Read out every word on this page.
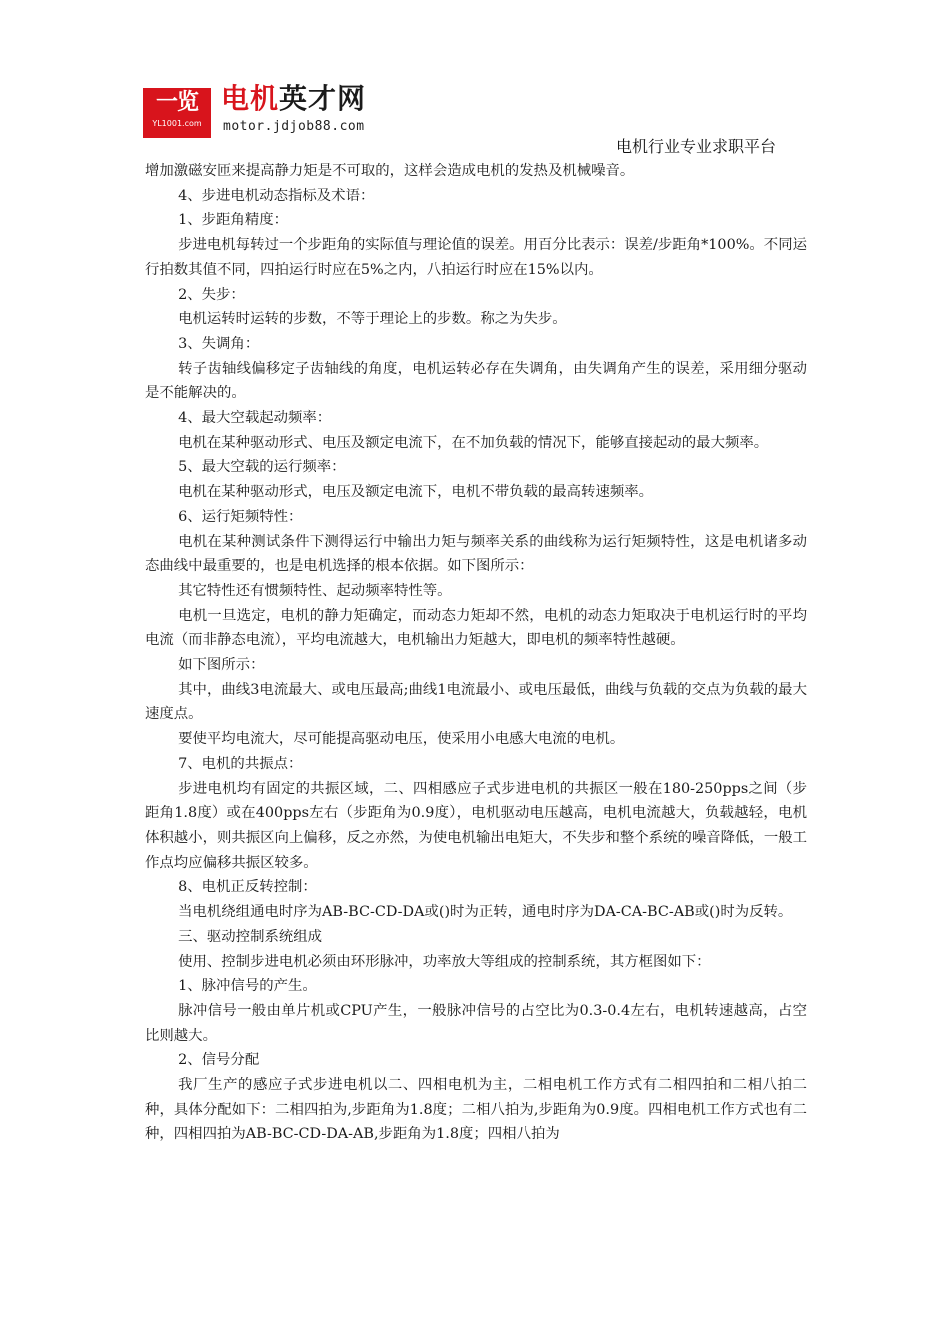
一览
YL1001.com
电机英才网
motor.jdjob88.com
电机行业专业求职平台

增加激磁安匝来提高静力矩是不可取的，这样会造成电机的发热及机械噪音。

4、步进电机动态指标及术语：

1、步距角精度：

步进电机每转过一个步距角的实际值与理论值的误差。用百分比表示：误差/步距角*100%。不同运行拍数其值不同，四拍运行时应在5%之内，八拍运行时应在15%以内。

2、失步：

电机运转时运转的步数，不等于理论上的步数。称之为失步。

3、失调角：

转子齿轴线偏移定子齿轴线的角度，电机运转必存在失调角，由失调角产生的误差，采用细分驱动是不能解决的。

4、最大空载起动频率：

电机在某种驱动形式、电压及额定电流下，在不加负载的情况下，能够直接起动的最大频率。

5、最大空载的运行频率：

电机在某种驱动形式，电压及额定电流下，电机不带负载的最高转速频率。

6、运行矩频特性：

电机在某种测试条件下测得运行中输出力矩与频率关系的曲线称为运行矩频特性，这是电机诸多动态曲线中最重要的，也是电机选择的根本依据。如下图所示：

其它特性还有惯频特性、起动频率特性等。

电机一旦选定，电机的静力矩确定，而动态力矩却不然，电机的动态力矩取决于电机运行时的平均电流（而非静态电流），平均电流越大，电机输出力矩越大，即电机的频率特性越硬。

如下图所示：

其中，曲线3电流最大、或电压最高;曲线1电流最小、或电压最低，曲线与负载的交点为负载的最大速度点。

要使平均电流大，尽可能提高驱动电压，使采用小电感大电流的电机。

7、电机的共振点：

步进电机均有固定的共振区域，二、四相感应子式步进电机的共振区一般在180-250pps之间（步距角1.8度）或在400pps左右（步距角为0.9度），电机驱动电压越高，电机电流越大，负载越轻，电机体积越小，则共振区向上偏移，反之亦然，为使电机输出电矩大，不失步和整个系统的噪音降低，一般工作点均应偏移共振区较多。

8、电机正反转控制：

当电机绕组通电时序为AB-BC-CD-DA或()时为正转，通电时序为DA-CA-BC-AB或()时为反转。

三、驱动控制系统组成

使用、控制步进电机必须由环形脉冲，功率放大等组成的控制系统，其方框图如下：

1、脉冲信号的产生。

脉冲信号一般由单片机或CPU产生，一般脉冲信号的占空比为0.3-0.4左右，电机转速越高，占空比则越大。

2、信号分配

我厂生产的感应子式步进电机以二、四相电机为主，二相电机工作方式有二相四拍和二相八拍二种，具体分配如下：二相四拍为,步距角为1.8度；二相八拍为,步距角为0.9度。四相电机工作方式也有二种，四相四拍为AB-BC-CD-DA-AB,步距角为1.8度；四相八拍为
